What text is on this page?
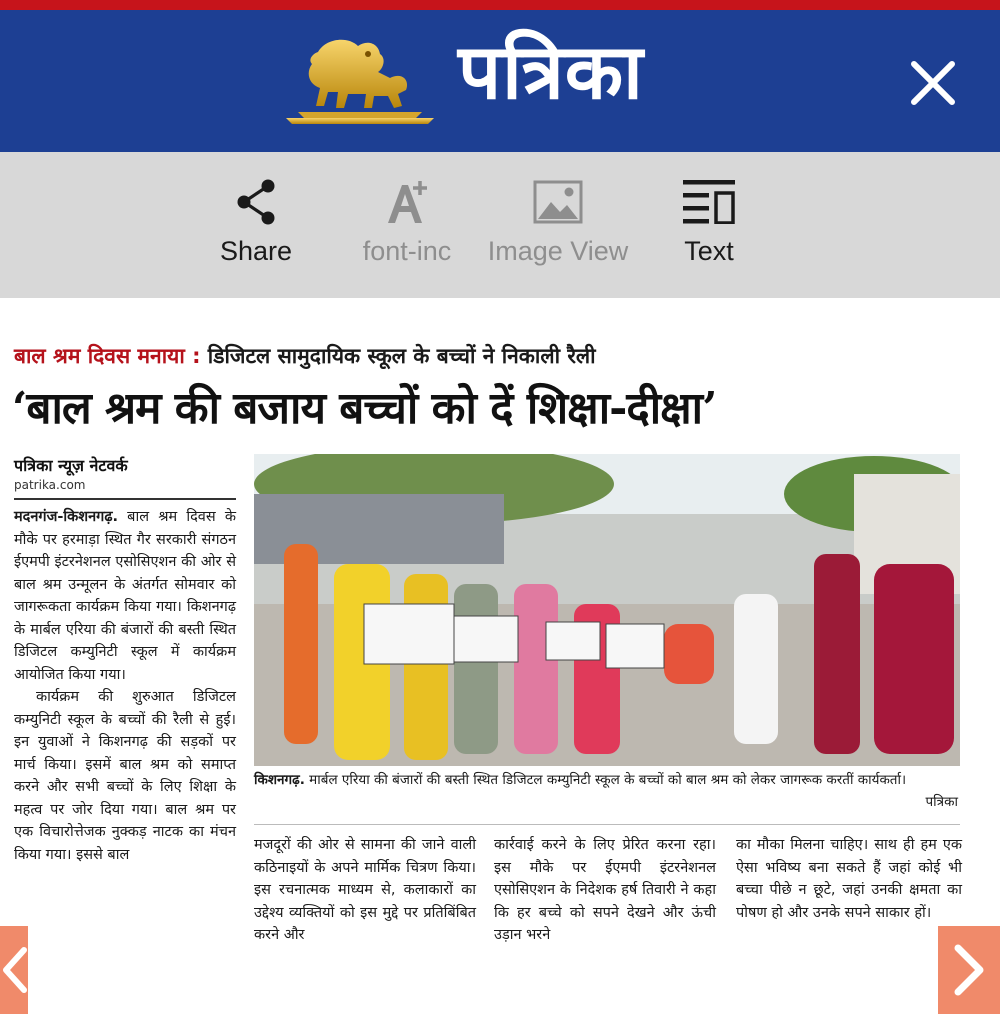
पत्रिका
Share	font-inc	Image View	Text
बाल श्रम दिवस मनाया : डिजिटल सामुदायिक स्कूल के बच्चों ने निकाली रैली
‘बाल श्रम की बजाय बच्चों को दें शिक्षा-दीक्षा’
पत्रिका न्यूज़ नेटवर्क
patrika.com

मदनगंज-किशनगढ़. बाल श्रम दिवस के मौके पर हरमाड़ा स्थित गैर सरकारी संगठन ईएमपी इंटरनेशनल एसोसिएशन की ओर से बाल श्रम उन्मूलन के अंतर्गत सोमवार को जागरूकता कार्यक्रम किया गया। किशनगढ़ के मार्बल एरिया की बंजारों की बस्ती स्थित डिजिटल कम्युनिटी स्कूल में कार्यक्रम आयोजित किया गया।

कार्यक्रम की शुरुआत डिजिटल कम्युनिटी स्कूल के बच्चों की रैली से हुई। इन युवाओं ने किशनगढ़ की सड़कों पर मार्च किया। इसमें बाल श्रम को समाप्त करने और सभी बच्चों के लिए शिक्षा के महत्व पर जोर दिया गया। बाल श्रम पर एक विचारोत्तेजक नुक्कड़ नाटक का मंचन किया गया। इससे बाल

किशनगढ़. मार्बल एरिया की बंजारों की बस्ती स्थित डिजिटल कम्युनिटी स्कूल के बच्चों को बाल श्रम को लेकर जागरूक करतीं कार्यकर्ता।
पत्रिका
मजदूरों की ओर से सामना की जाने वाली कठिनाइयों के अपने मार्मिक चित्रण किया। इस रचनात्मक माध्यम से, कलाकारों का उद्देश्य व्यक्तियों को इस मुद्दे पर प्रतिबिंबित करने और
कार्रवाई करने के लिए प्रेरित करना रहा। इस मौके पर ईएमपी इंटरनेशनल एसोसिएशन के निदेशक हर्ष तिवारी ने कहा कि हर बच्चे को सपने देखने और ऊंची उड़ान भरने
का मौका मिलना चाहिए। साथ ही हम एक ऐसा भविष्य बना सकते हैं जहां कोई भी बच्चा पीछे न छूटे, जहां उनकी क्षमता का पोषण हो और उनके सपने साकार हों।
